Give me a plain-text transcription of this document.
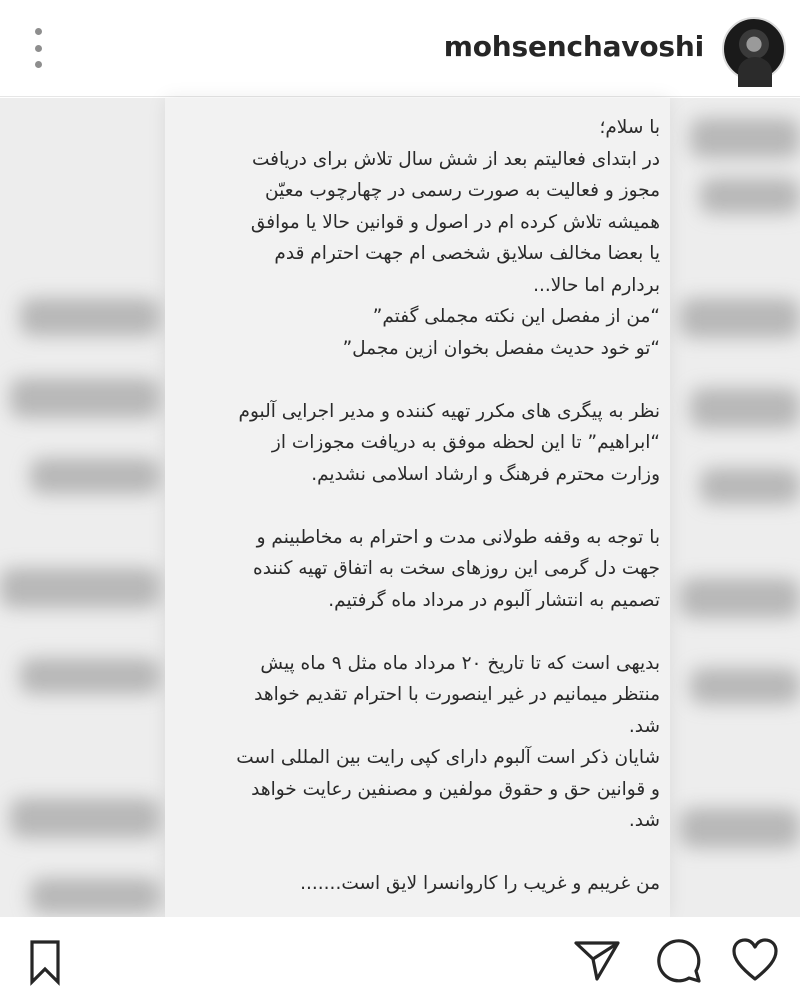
mohsenchavoshi
با سلام؛
در ابتدای فعالیتم بعد از شش سال تلاش برای دریافت
مجوز و فعالیت به صورت رسمی در چهارچوب معیّن
همیشه تلاش کرده ام در اصول و قوانین حالا یا موافق
یا بعضا مخالف سلایق شخصی ام جهت احترام قدم
بردارم اما حالا...
“من از مفصل این نکته مجملی گفتم”
“تو خود حدیث مفصل بخوان ازین مجمل”

نظر به پیگری های مکرر تهیه کننده و مدیر اجرایی آلبوم
“ابراهیم” تا این لحظه موفق به دریافت مجوزات از
وزارت محترم فرهنگ و ارشاد اسلامی نشدیم.

با توجه به وقفه طولانی مدت و احترام به مخاطبینم و
جهت دل گرمی این روزهای سخت به اتفاق تهیه کننده
تصمیم به انتشار آلبوم در مرداد ماه گرفتیم.

بدیهی است که تا تاریخ ۲۰ مرداد ماه مثل ۹ ماه پیش
منتظر میمانیم در غیر اینصورت با احترام تقدیم خواهد
شد.
شایان ذکر است آلبوم دارای کپی رایت بین المللی است
و قوانین حق و حقوق مولفین و مصنفین رعایت خواهد
شد.

من غریبم و غریب را کاروانسرا لایق است.......
